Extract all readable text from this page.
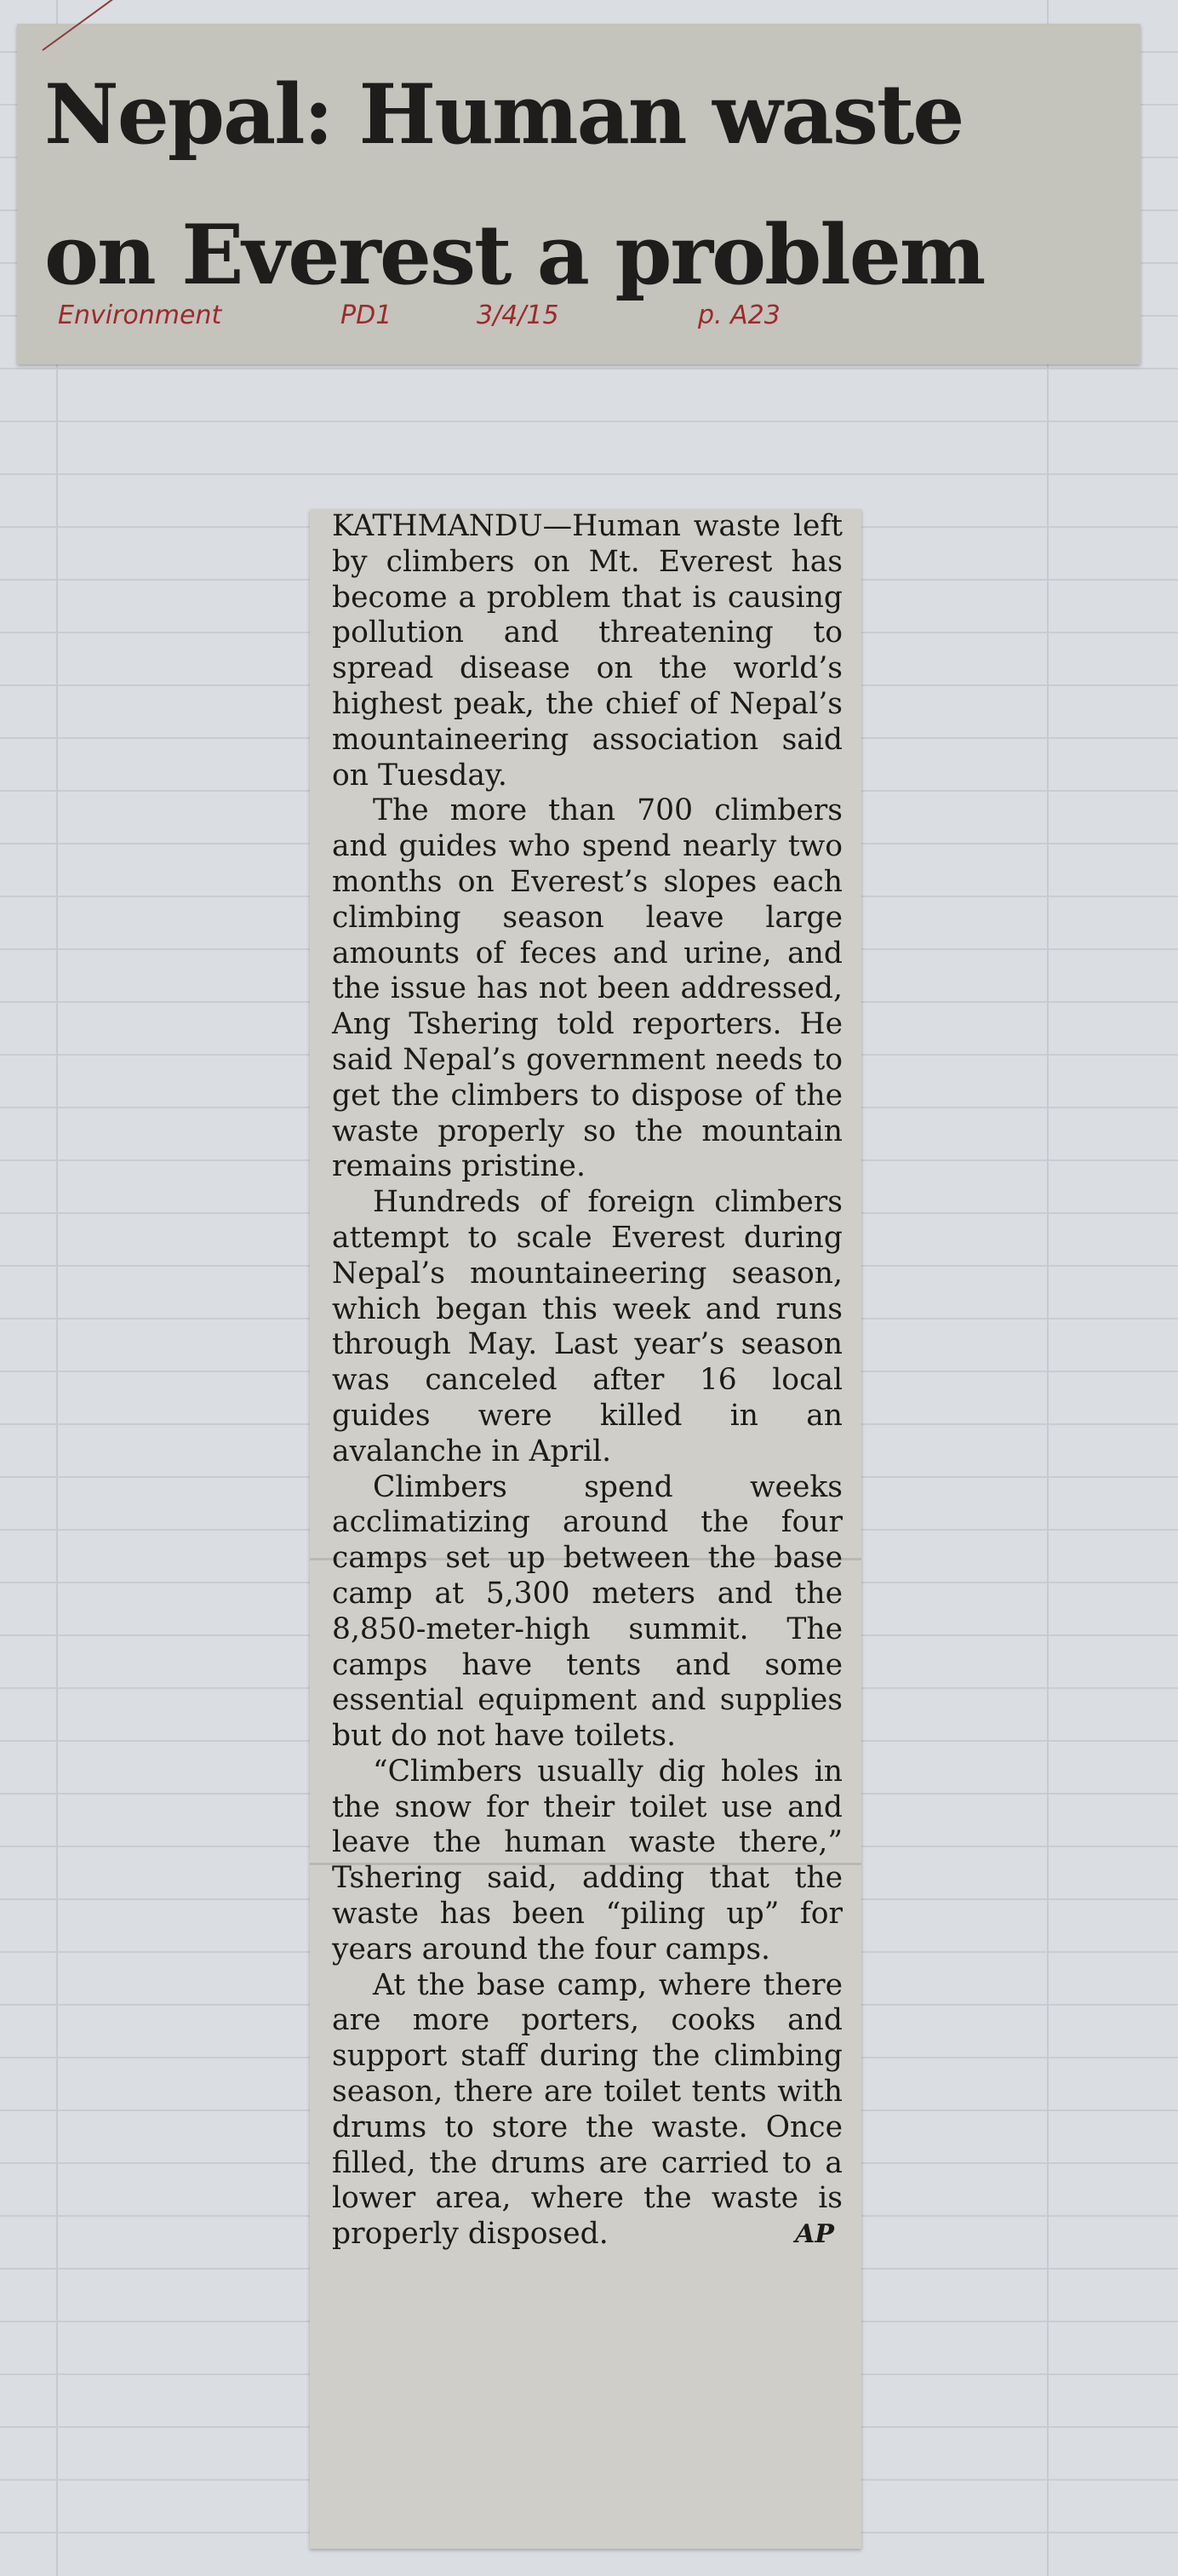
Nepal: Human waste
on Everest a problem
Environment	PD1	3/4/15	p. A23

KATHMANDU—Human waste left by climbers on Mt. Everest has become a problem that is causing pollution and threatening to spread disease on the world’s highest peak, the chief of Nepal’s mountaineering association said on Tuesday.

The more than 700 climbers and guides who spend nearly two months on Everest’s slopes each climbing season leave large amounts of feces and urine, and the issue has not been addressed, Ang Tshering told reporters. He said Nepal’s government needs to get the climbers to dispose of the waste properly so the mountain remains pristine.

Hundreds of foreign climbers attempt to scale Everest during Nepal’s mountaineering season, which began this week and runs through May. Last year’s season was canceled after 16 local guides were killed in an avalanche in April.

Climbers spend weeks acclimatizing around the four camps set up between the base camp at 5,300 meters and the 8,850-meter-high summit. The camps have tents and some essential equipment and supplies but do not have toilets.

“Climbers usually dig holes in the snow for their toilet use and leave the human waste there,” Tshering said, adding that the waste has been “piling up” for years around the four camps.

At the base camp, where there are more porters, cooks and support staff during the climbing season, there are toilet tents with drums to store the waste. Once filled, the drums are carried to a lower area, where the waste is properly disposed.	AP
